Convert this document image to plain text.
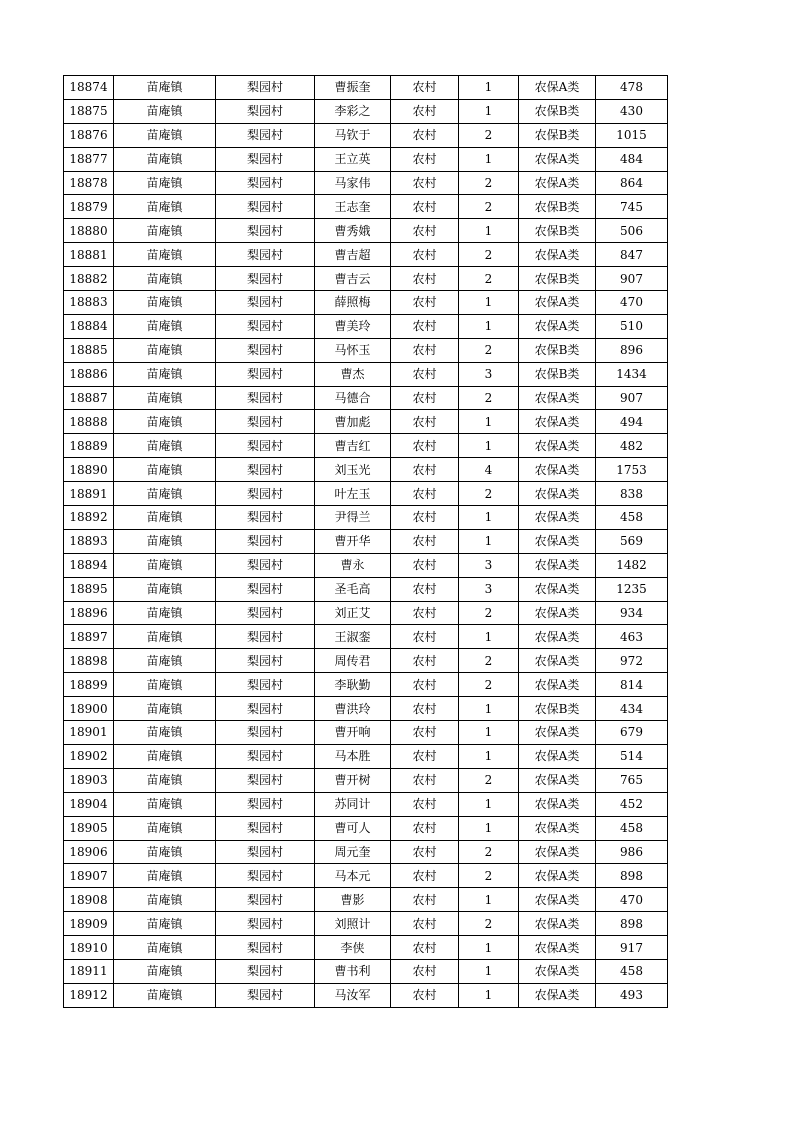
18874	苗庵镇	梨园村	曹振奎	农村	1	农保A类	478
18875	苗庵镇	梨园村	李彩之	农村	1	农保B类	430
18876	苗庵镇	梨园村	马钦于	农村	2	农保B类	1015
18877	苗庵镇	梨园村	王立英	农村	1	农保A类	484
18878	苗庵镇	梨园村	马家伟	农村	2	农保A类	864
18879	苗庵镇	梨园村	王志奎	农村	2	农保B类	745
18880	苗庵镇	梨园村	曹秀娥	农村	1	农保B类	506
18881	苗庵镇	梨园村	曹吉超	农村	2	农保A类	847
18882	苗庵镇	梨园村	曹吉云	农村	2	农保B类	907
18883	苗庵镇	梨园村	薛照梅	农村	1	农保A类	470
18884	苗庵镇	梨园村	曹美玲	农村	1	农保A类	510
18885	苗庵镇	梨园村	马怀玉	农村	2	农保B类	896
18886	苗庵镇	梨园村	曹杰	农村	3	农保B类	1434
18887	苗庵镇	梨园村	马德合	农村	2	农保A类	907
18888	苗庵镇	梨园村	曹加彪	农村	1	农保A类	494
18889	苗庵镇	梨园村	曹吉红	农村	1	农保A类	482
18890	苗庵镇	梨园村	刘玉光	农村	4	农保A类	1753
18891	苗庵镇	梨园村	叶左玉	农村	2	农保A类	838
18892	苗庵镇	梨园村	尹得兰	农村	1	农保A类	458
18893	苗庵镇	梨园村	曹开华	农村	1	农保A类	569
18894	苗庵镇	梨园村	曹永	农村	3	农保A类	1482
18895	苗庵镇	梨园村	圣毛高	农村	3	农保A类	1235
18896	苗庵镇	梨园村	刘正艾	农村	2	农保A类	934
18897	苗庵镇	梨园村	王淑銮	农村	1	农保A类	463
18898	苗庵镇	梨园村	周传君	农村	2	农保A类	972
18899	苗庵镇	梨园村	李耿勤	农村	2	农保A类	814
18900	苗庵镇	梨园村	曹洪玲	农村	1	农保B类	434
18901	苗庵镇	梨园村	曹开响	农村	1	农保A类	679
18902	苗庵镇	梨园村	马本胜	农村	1	农保A类	514
18903	苗庵镇	梨园村	曹开树	农村	2	农保A类	765
18904	苗庵镇	梨园村	苏同计	农村	1	农保A类	452
18905	苗庵镇	梨园村	曹可人	农村	1	农保A类	458
18906	苗庵镇	梨园村	周元奎	农村	2	农保A类	986
18907	苗庵镇	梨园村	马本元	农村	2	农保A类	898
18908	苗庵镇	梨园村	曹影	农村	1	农保A类	470
18909	苗庵镇	梨园村	刘照计	农村	2	农保A类	898
18910	苗庵镇	梨园村	李侠	农村	1	农保A类	917
18911	苗庵镇	梨园村	曹书利	农村	1	农保A类	458
18912	苗庵镇	梨园村	马汝军	农村	1	农保A类	493
